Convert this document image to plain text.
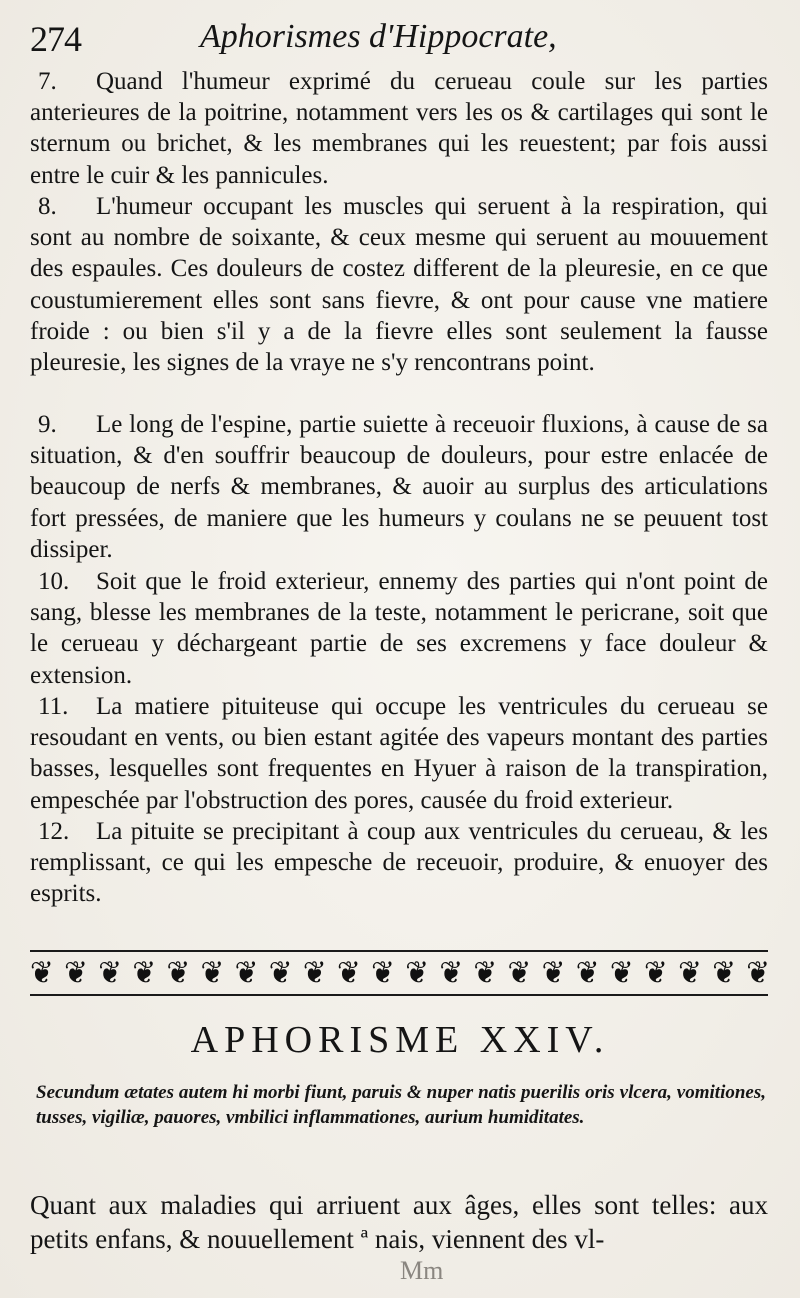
274	Aphorismes d'Hippocrate,

7. Quand l'humeur exprimé du cerueau coule sur les parties anterieures de la poitrine, notamment vers les os & cartilages qui sont le sternum ou brichet, & les membranes qui les reuestent; par fois aussi entre le cuir & les pannicules.

8. L'humeur occupant les muscles qui seruent à la respiration, qui sont au nombre de soixante, & ceux mesme qui seruent au mouuement des espaules. Ces douleurs de costez different de la pleuresie, en ce que coustumierement elles sont sans fievre, & ont pour cause vne matiere froide : ou bien s'il y a de la fievre elles sont seulement la fausse pleuresie, les signes de la vraye ne s'y rencontrans point.

9. Le long de l'espine, partie suiette à receuoir fluxions, à cause de sa situation, & d'en souffrir beaucoup de douleurs, pour estre enlacée de beaucoup de nerfs & membranes, & auoir au surplus des articulations fort pressées, de maniere que les humeurs y coulans ne se peuuent tost dissiper.

10. Soit que le froid exterieur, ennemy des parties qui n'ont point de sang, blesse les membranes de la teste, notamment le pericrane, soit que le cerueau y déchargeant partie de ses excremens y face douleur & extension.

11. La matiere pituiteuse qui occupe les ventricules du cerueau se resoudant en vents, ou bien estant agitée des vapeurs montant des parties basses, lesquelles sont frequentes en Hyuer à raison de la transpiration, empeschée par l'obstruction des pores, causée du froid exterieur.

12. La pituite se precipitant à coup aux ventricules du cerueau, & les remplissant, ce qui les empesche de receuoir, produire, & enuoyer des esprits.

❦ ❦ ❦ ❦ ❦ ❦ ❦ ❦ ❦ ❦ ❦ ❦ ❦ ❦ ❦ ❦ ❦ ❦ ❦ ❦ ❦ ❦
APHORISME XXIV.
Secundum ætates autem hi morbi fiunt, paruis & nuper natis puerilis oris vlcera, vomitiones, tusses, vigiliæ, pauores, vmbilici inflammationes, aurium humiditates.
Quant aux maladies qui arriuent aux âges, elles sont telles: aux petits enfans, & nouuellement ª nais, viennent des vl-
Mm
